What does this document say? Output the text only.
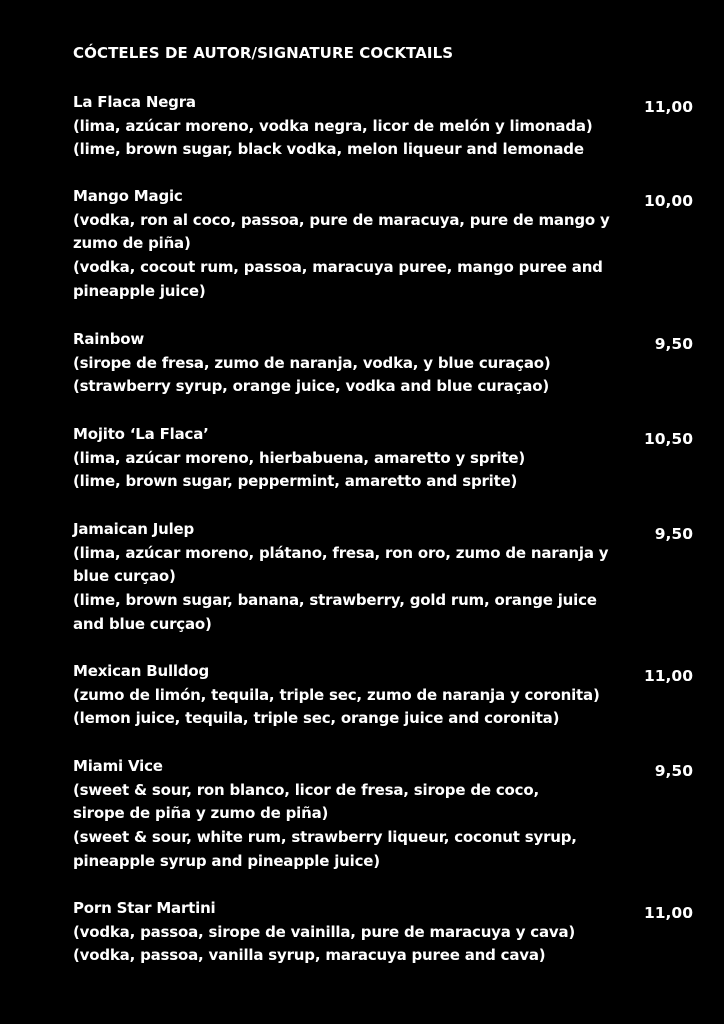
CÓCTELES DE AUTOR/SIGNATURE COCKTAILS
La Flaca Negra
(lima, azúcar moreno, vodka negra, licor de melón y limonada)
(lime, brown sugar, black vodka, melon liqueur and lemonade
11,00
Mango Magic
(vodka, ron al coco, passoa, pure de maracuya, pure de mango y
zumo de piña)
(vodka, cocout rum, passoa, maracuya puree, mango puree and
pineapple juice)
10,00
Rainbow
(sirope de fresa, zumo de naranja, vodka, y blue curaçao)
(strawberry syrup, orange juice, vodka and blue curaçao)
9,50
Mojito ‘La Flaca’
(lima, azúcar moreno, hierbabuena, amaretto y sprite)
(lime, brown sugar, peppermint, amaretto and sprite)
10,50
Jamaican Julep
(lima, azúcar moreno, plátano, fresa, ron oro, zumo de naranja y
blue curçao)
(lime, brown sugar, banana, strawberry, gold rum, orange juice
and blue curçao)
9,50
Mexican Bulldog
(zumo de limón, tequila, triple sec, zumo de naranja y coronita)
(lemon juice, tequila, triple sec, orange juice and coronita)
11,00
Miami Vice
(sweet & sour, ron blanco, licor de fresa, sirope de coco,
sirope de piña y zumo de piña)
(sweet & sour, white rum, strawberry liqueur, coconut syrup,
pineapple syrup and pineapple juice)
9,50
Porn Star Martini
(vodka, passoa, sirope de vainilla, pure de maracuya y cava)
(vodka, passoa, vanilla syrup, maracuya puree and cava)
11,00
